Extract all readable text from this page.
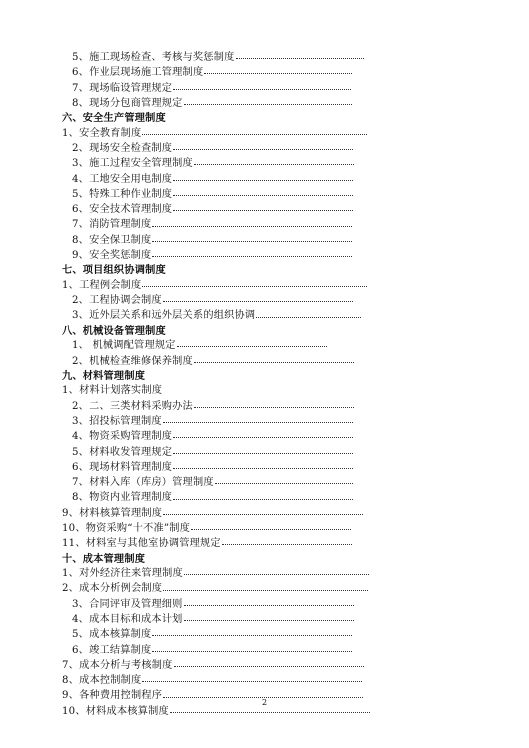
5、施工现场检查、考核与奖惩制度
6、作业层现场施工管理制度
7、现场临设管理规定
8、现场分包商管理规定
六、安全生产管理制度
1、安全教育制度
2、现场安全检查制度
3、施工过程安全管理制度
4、工地安全用电制度
5、特殊工种作业制度
6、安全技术管理制度
7、消防管理制度
8、安全保卫制度
9、安全奖惩制度
七、项目组织协调制度
1、工程例会制度
2、工程协调会制度
3、近外层关系和远外层关系的组织协调
八、机械设备管理制度
1、 机械调配管理规定
2、机械检查维修保养制度
九、材料管理制度
1、材料计划落实制度
2、二、三类材料采购办法
3、招投标管理制度
4、物资采购管理制度
5、材料收发管理规定
6、现场材料管理制度
7、材料入库（库房）管理制度
8、物资内业管理制度
9、材料核算管理制度
10、物资采购“十不准”制度
11、材料室与其他室协调管理规定
十、成本管理制度
1、对外经济往来管理制度
2、成本分析例会制度
3、合同评审及管理细则
4、成本目标和成本计划
5、成本核算制度
6、竣工结算制度
7、成本分析与考核制度
8、成本控制制度
9、各种费用控制程序
10、材料成本核算制度
2
